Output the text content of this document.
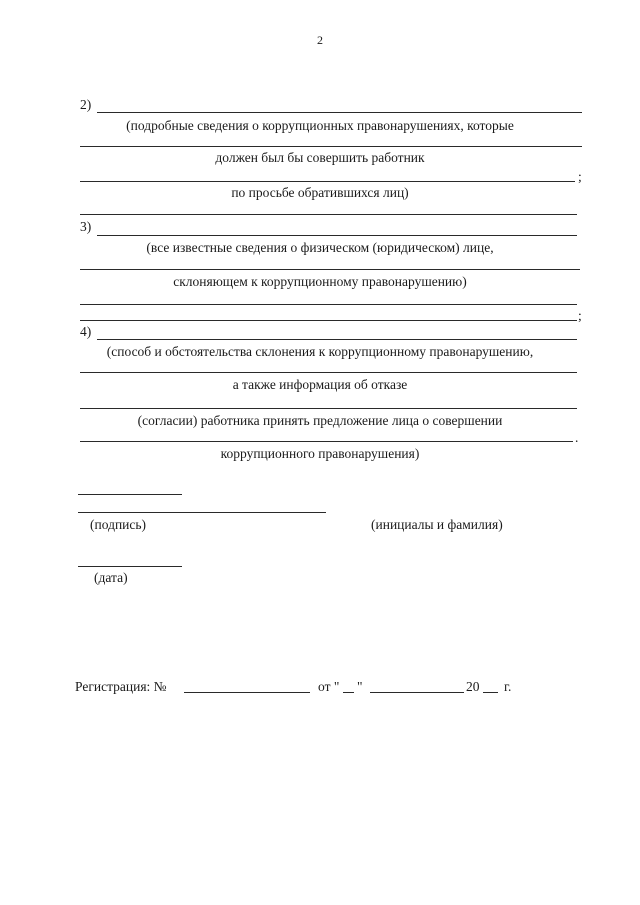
2
2)
(подробные сведения о коррупционных правонарушениях, которые
должен был бы совершить работник
;
по просьбе обратившихся лиц)
3)
(все известные сведения о физическом (юридическом) лице,
склоняющем к коррупционному правонарушению)
;
4)
(способ и обстоятельства склонения к коррупционному правонарушению,
а также информация об отказе
(согласии) работника принять предложение лица о совершении
.
коррупционного правонарушения)
(подпись)	(инициалы и фамилия)
(дата)
Регистрация: №	от " "	20 г.
